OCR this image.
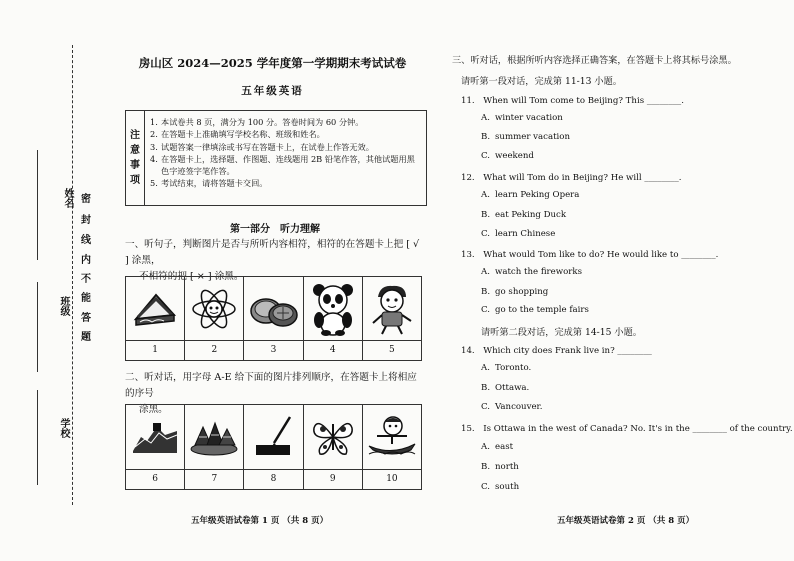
密
封
线
内
不
能
答
题
姓名
班级
学校
房山区 2024—2025 学年度第一学期期末考试试卷
五年级英语
注
意
事
项
1. 本试卷共 8 页，满分为 100 分。答卷时间为 60 分钟。
2. 在答题卡上准确填写学校名称、班级和姓名。
3. 试题答案一律填涂或书写在答题卡上，在试卷上作答无效。
4. 在答题卡上，选择题、作图题、连线题用 2B 铅笔作答，其他试题用黑色字迹签字笔作答。
5. 考试结束，请将答题卡交回。
第一部分　听力理解
一、听句子，判断图片是否与所听内容相符，相符的在答题卡上把 [ √ ] 涂黑，
不相符的把 [ × ] 涂黑。
1	2	3	4	5
二、听对话，用字母 A-E 给下面的图片排列顺序，在答题卡上将相应的序号
涂黑。
6	7	8	9	10
五年级英语试卷第 1 页 （共 8 页）
三、听对话，根据所听内容选择正确答案，在答题卡上将其标号涂黑。
请听第一段对话，完成第 11-13 小题。
11.　When will Tom come to Beijing? This ________.
A. winter vacation
B. summer vacation
C. weekend
12.　What will Tom do in Beijing? He will ________.
A. learn Peking Opera
B. eat Peking Duck
C. learn Chinese
13.　What would Tom like to do? He would like to ________.
A. watch the fireworks
B. go shopping
C. go to the temple fairs
请听第二段对话，完成第 14-15 小题。
14.　Which city does Frank live in? ________
A. Toronto.
B. Ottawa.
C. Vancouver.
15.　Is Ottawa in the west of Canada? No. It's in the ________ of the country.
A. east
B. north
C. south
五年级英语试卷第 2 页 （共 8 页）
